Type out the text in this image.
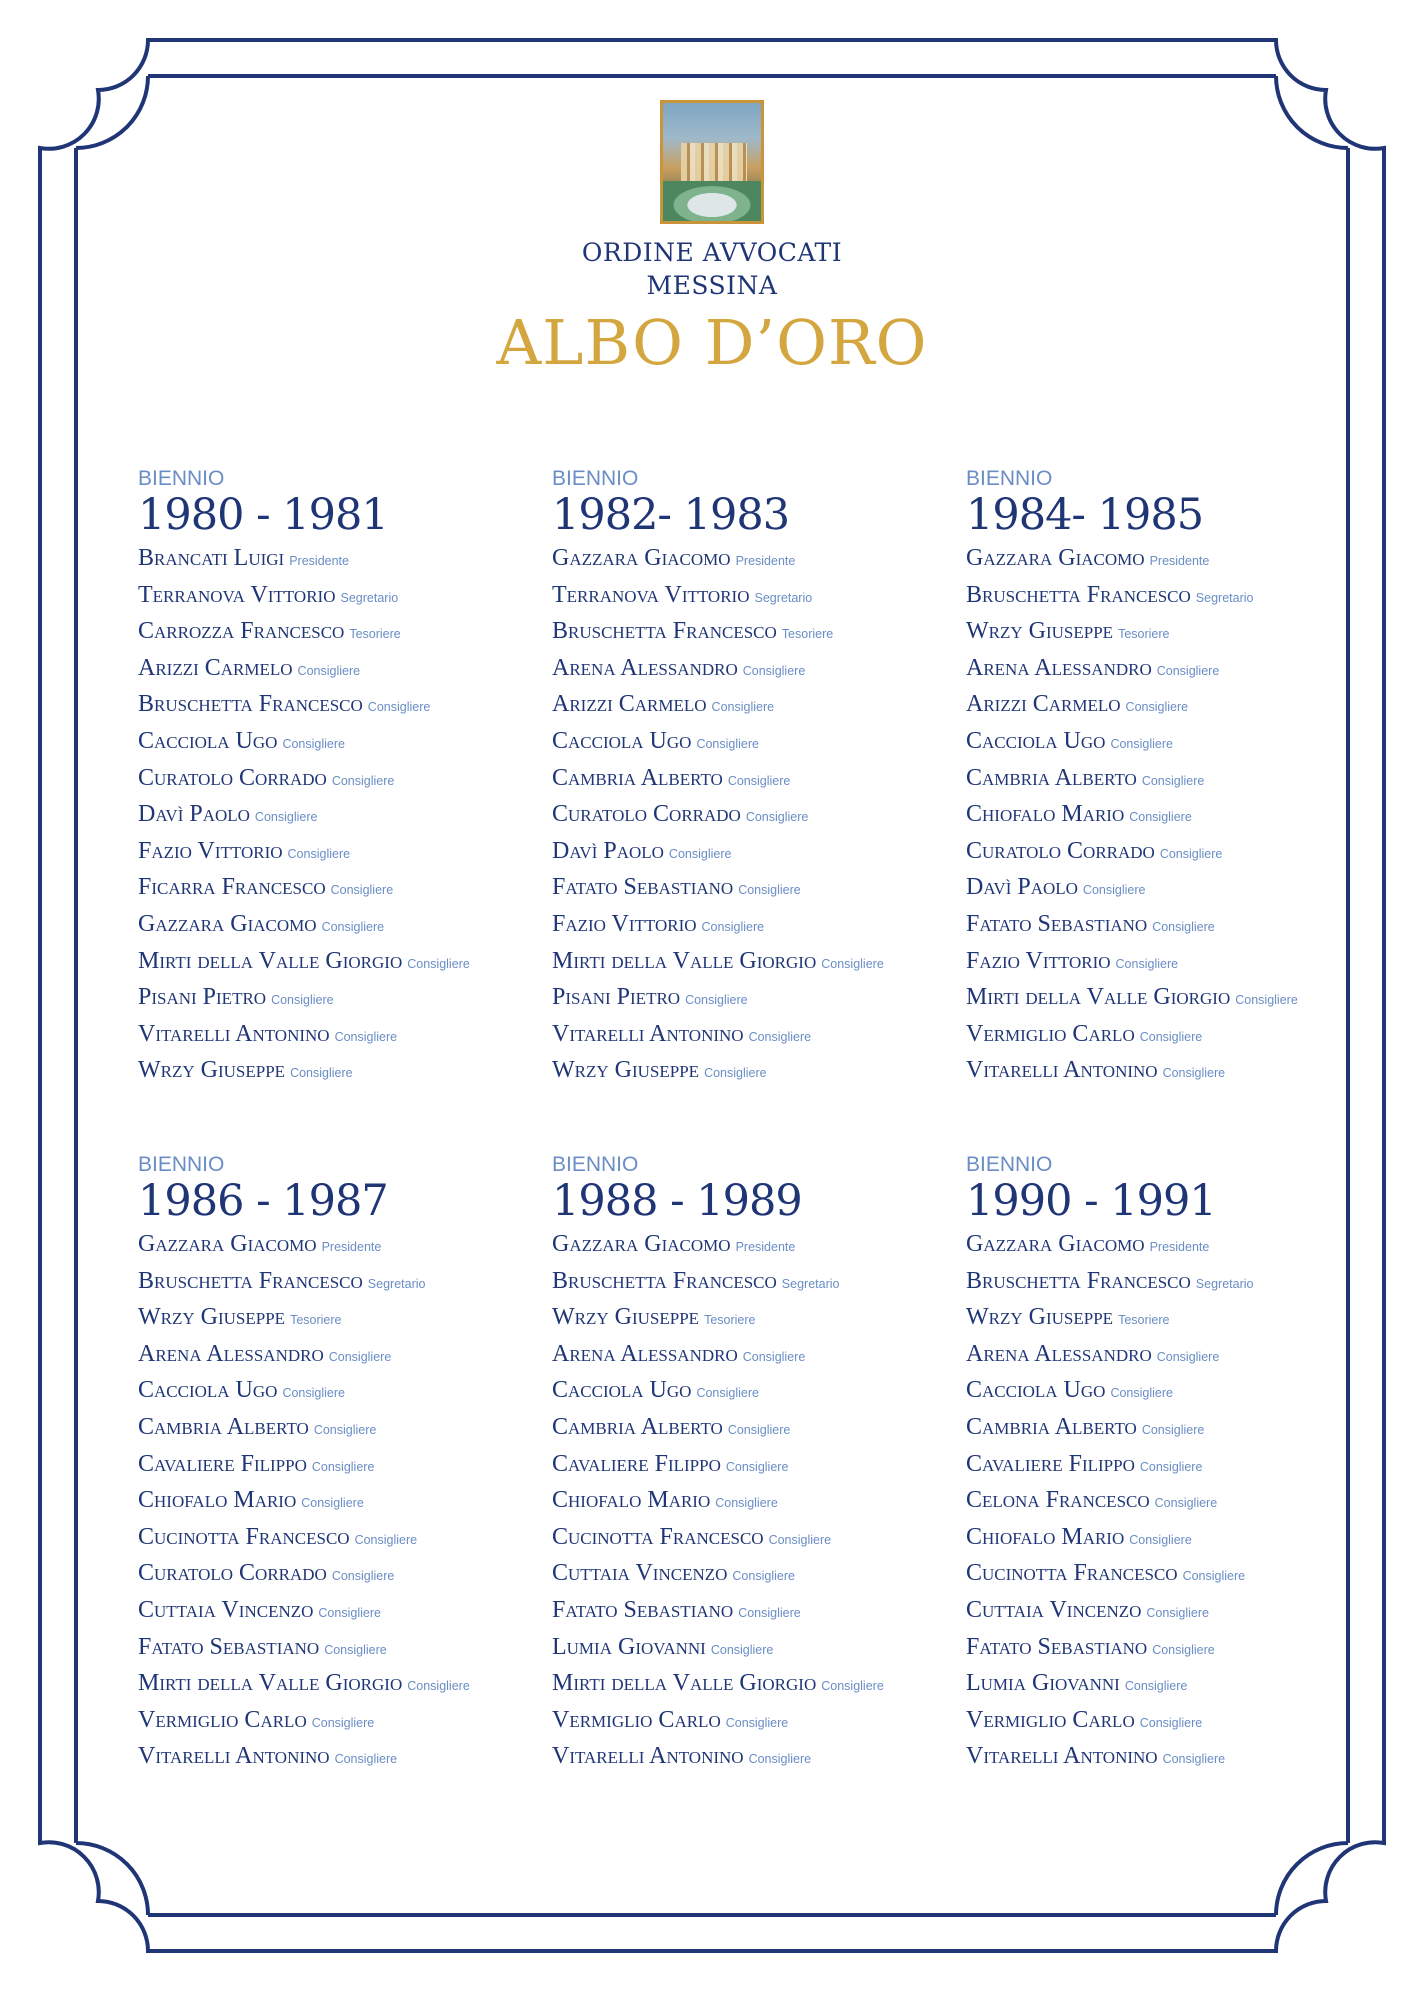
ORDINE AVVOCATI
MESSINA
ALBO D’ORO
BIENNIO
1980 - 1981
Brancati Luigi Presidente
Terranova Vittorio Segretario
Carrozza Francesco Tesoriere
Arizzi Carmelo Consigliere
Bruschetta Francesco Consigliere
Cacciola Ugo Consigliere
Curatolo Corrado Consigliere
Davì Paolo Consigliere
Fazio Vittorio Consigliere
Ficarra Francesco Consigliere
Gazzara Giacomo Consigliere
Mirti della Valle Giorgio Consigliere
Pisani Pietro Consigliere
Vitarelli Antonino Consigliere
Wrzy Giuseppe Consigliere
BIENNIO
1982- 1983
Gazzara Giacomo Presidente
Terranova Vittorio Segretario
Bruschetta Francesco Tesoriere
Arena Alessandro Consigliere
Arizzi Carmelo Consigliere
Cacciola Ugo Consigliere
Cambria Alberto Consigliere
Curatolo Corrado Consigliere
Davì Paolo Consigliere
Fatato Sebastiano Consigliere
Fazio Vittorio Consigliere
Mirti della Valle Giorgio Consigliere
Pisani Pietro Consigliere
Vitarelli Antonino Consigliere
Wrzy Giuseppe Consigliere
BIENNIO
1984- 1985
Gazzara Giacomo Presidente
Bruschetta Francesco Segretario
Wrzy Giuseppe Tesoriere
Arena Alessandro Consigliere
Arizzi Carmelo Consigliere
Cacciola Ugo Consigliere
Cambria Alberto Consigliere
Chiofalo Mario Consigliere
Curatolo Corrado Consigliere
Davì Paolo Consigliere
Fatato Sebastiano Consigliere
Fazio Vittorio Consigliere
Mirti della Valle Giorgio Consigliere
Vermiglio Carlo Consigliere
Vitarelli Antonino Consigliere
BIENNIO
1986 - 1987
Gazzara Giacomo Presidente
Bruschetta Francesco Segretario
Wrzy Giuseppe Tesoriere
Arena Alessandro Consigliere
Cacciola Ugo Consigliere
Cambria Alberto Consigliere
Cavaliere Filippo Consigliere
Chiofalo Mario Consigliere
Cucinotta Francesco Consigliere
Curatolo Corrado Consigliere
Cuttaia Vincenzo Consigliere
Fatato Sebastiano Consigliere
Mirti della Valle Giorgio Consigliere
Vermiglio Carlo Consigliere
Vitarelli Antonino Consigliere
BIENNIO
1988 - 1989
Gazzara Giacomo Presidente
Bruschetta Francesco Segretario
Wrzy Giuseppe Tesoriere
Arena Alessandro Consigliere
Cacciola Ugo Consigliere
Cambria Alberto Consigliere
Cavaliere Filippo Consigliere
Chiofalo Mario Consigliere
Cucinotta Francesco Consigliere
Cuttaia Vincenzo Consigliere
Fatato Sebastiano Consigliere
Lumia Giovanni Consigliere
Mirti della Valle Giorgio Consigliere
Vermiglio Carlo Consigliere
Vitarelli Antonino Consigliere
BIENNIO
1990 - 1991
Gazzara Giacomo Presidente
Bruschetta Francesco Segretario
Wrzy Giuseppe Tesoriere
Arena Alessandro Consigliere
Cacciola Ugo Consigliere
Cambria Alberto Consigliere
Cavaliere Filippo Consigliere
Celona Francesco Consigliere
Chiofalo Mario Consigliere
Cucinotta Francesco Consigliere
Cuttaia Vincenzo Consigliere
Fatato Sebastiano Consigliere
Lumia Giovanni Consigliere
Vermiglio Carlo Consigliere
Vitarelli Antonino Consigliere
